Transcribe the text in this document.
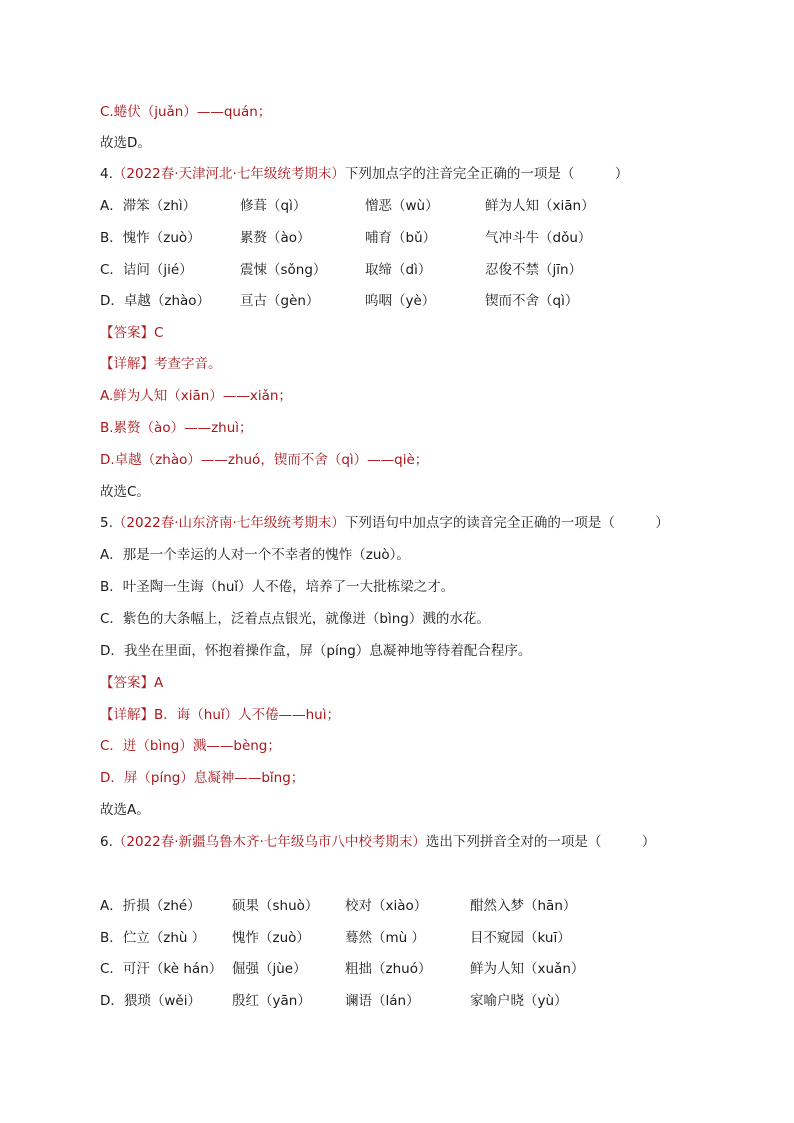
C.蜷伏（juǎn）——quán；
故选D。
4.（2022春·天津河北·七年级统考期末）下列加点字的注音完全正确的一项是（　　　）
A．滞笨（zhì）	修葺（qì）	憎恶（wù）	鲜为人知（xiān）
B．愧怍（zuò）	累赘（ào）	哺育（bǔ）	气冲斗牛（dǒu）
C．诘问（jié）	震悚（sǒng）	取缔（dì）	忍俊不禁（jīn）
D．卓越（zhào） 亘古（gèn）	呜咽（yè）	锲而不舍（qì）
【答案】C
【详解】考查字音。
A.鲜为人知（xiān）——xiǎn；
B.累赘（ào）——zhuì；
D.卓越（zhào）——zhuó，锲而不舍（qì）——qiè；
故选C。
5.（2022春·山东济南·七年级统考期末）下列语句中加点字的读音完全正确的一项是（　　　）
A．那是一个幸运的人对一个不幸者的愧怍（zuò）。
B．叶圣陶一生诲（huǐ）人不倦，培养了一大批栋梁之才。
C．紫色的大条幅上，泛着点点银光，就像迸（bìng）溅的水花。
D．我坐在里面，怀抱着操作盒，屏（píng）息凝神地等待着配合程序。
【答案】A
【详解】B．诲（huǐ）人不倦——huì；
C．迸（bìng）溅——bèng；
D．屏（píng）息凝神——bǐng；
故选A。
6.（2022春·新疆乌鲁木齐·七年级乌市八中校考期末）选出下列拼音全对的一项是（　　　）
A．折损（zhé） 硕果（shuò） 校对（xiào）	酣然入梦（hān）
B．伫立（zhù ） 愧怍（zuò）	蓦然（mù ）	目不窥园（kuī）
C．可汗（kè hán） 倔强（jùe）	粗拙（zhuó）	鲜为人知（xuǎn）
D．猥琐（wěi） 殷红（yān）	谰语（lán）	家喻户晓（yù）
